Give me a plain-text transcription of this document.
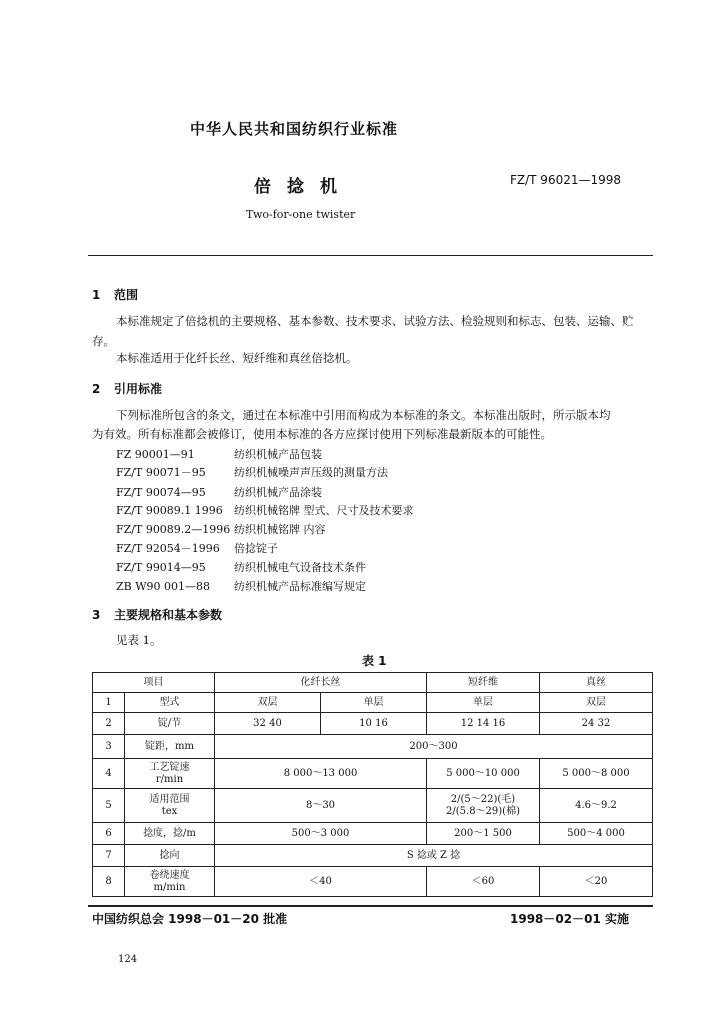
中华人民共和国纺织行业标准
倍捻机	FZ/T 96021—1998
Two-for-one twister
1 范围
本标准规定了倍捻机的主要规格、基本参数、技术要求、试验方法、检验规则和标志、包装、运输、贮
存。
本标准适用于化纤长丝、短纤维和真丝倍捻机。
2 引用标准
下列标准所包含的条文，通过在本标准中引用而构成为本标准的条文。本标准出版时，所示版本均
为有效。所有标准都会被修订，使用本标准的各方应探讨使用下列标准最新版本的可能性。
FZ 90001—91	纺织机械产品包装
FZ/T 90071－95	纺织机械噪声声压级的测量方法
FZ/T 90074—95	纺织机械产品涂装
FZ/T 90089.1 1996 纺织机械铭牌 型式、尺寸及技术要求
FZ/T 90089.2—1996 纺织机械铭牌 内容
FZ/T 92054－1996 倍捻锭子
FZ/T 99014—95	纺织机械电气设备技术条件
ZB W90 001—88 纺织机械产品标准编写规定
3 主要规格和基本参数
见表 1。
表 1
项目		化纤长丝		短纤维	真丝
1	型式	双层	单层	单层	双层
2	锭/节	32 40	10 16	12 14 16	24 32
3	锭距，mm	200～300			
4	工艺锭速
r/min	8 000～13 000		5 000～10 000	5 000～8 000
5	适用范围
tex	8～30		2/(5～22)(毛)
2/(5.8～29)(棉)	4.6～9.2
6	捻度，捻/m	500～3 000		200～1 500	500～4 000
7	捻向	S 捻或 Z 捻			
8	卷绕速度
m/min	＜40		＜60	＜20
中国纺织总会 1998－01－20 批准	1998－02－01 实施
124
